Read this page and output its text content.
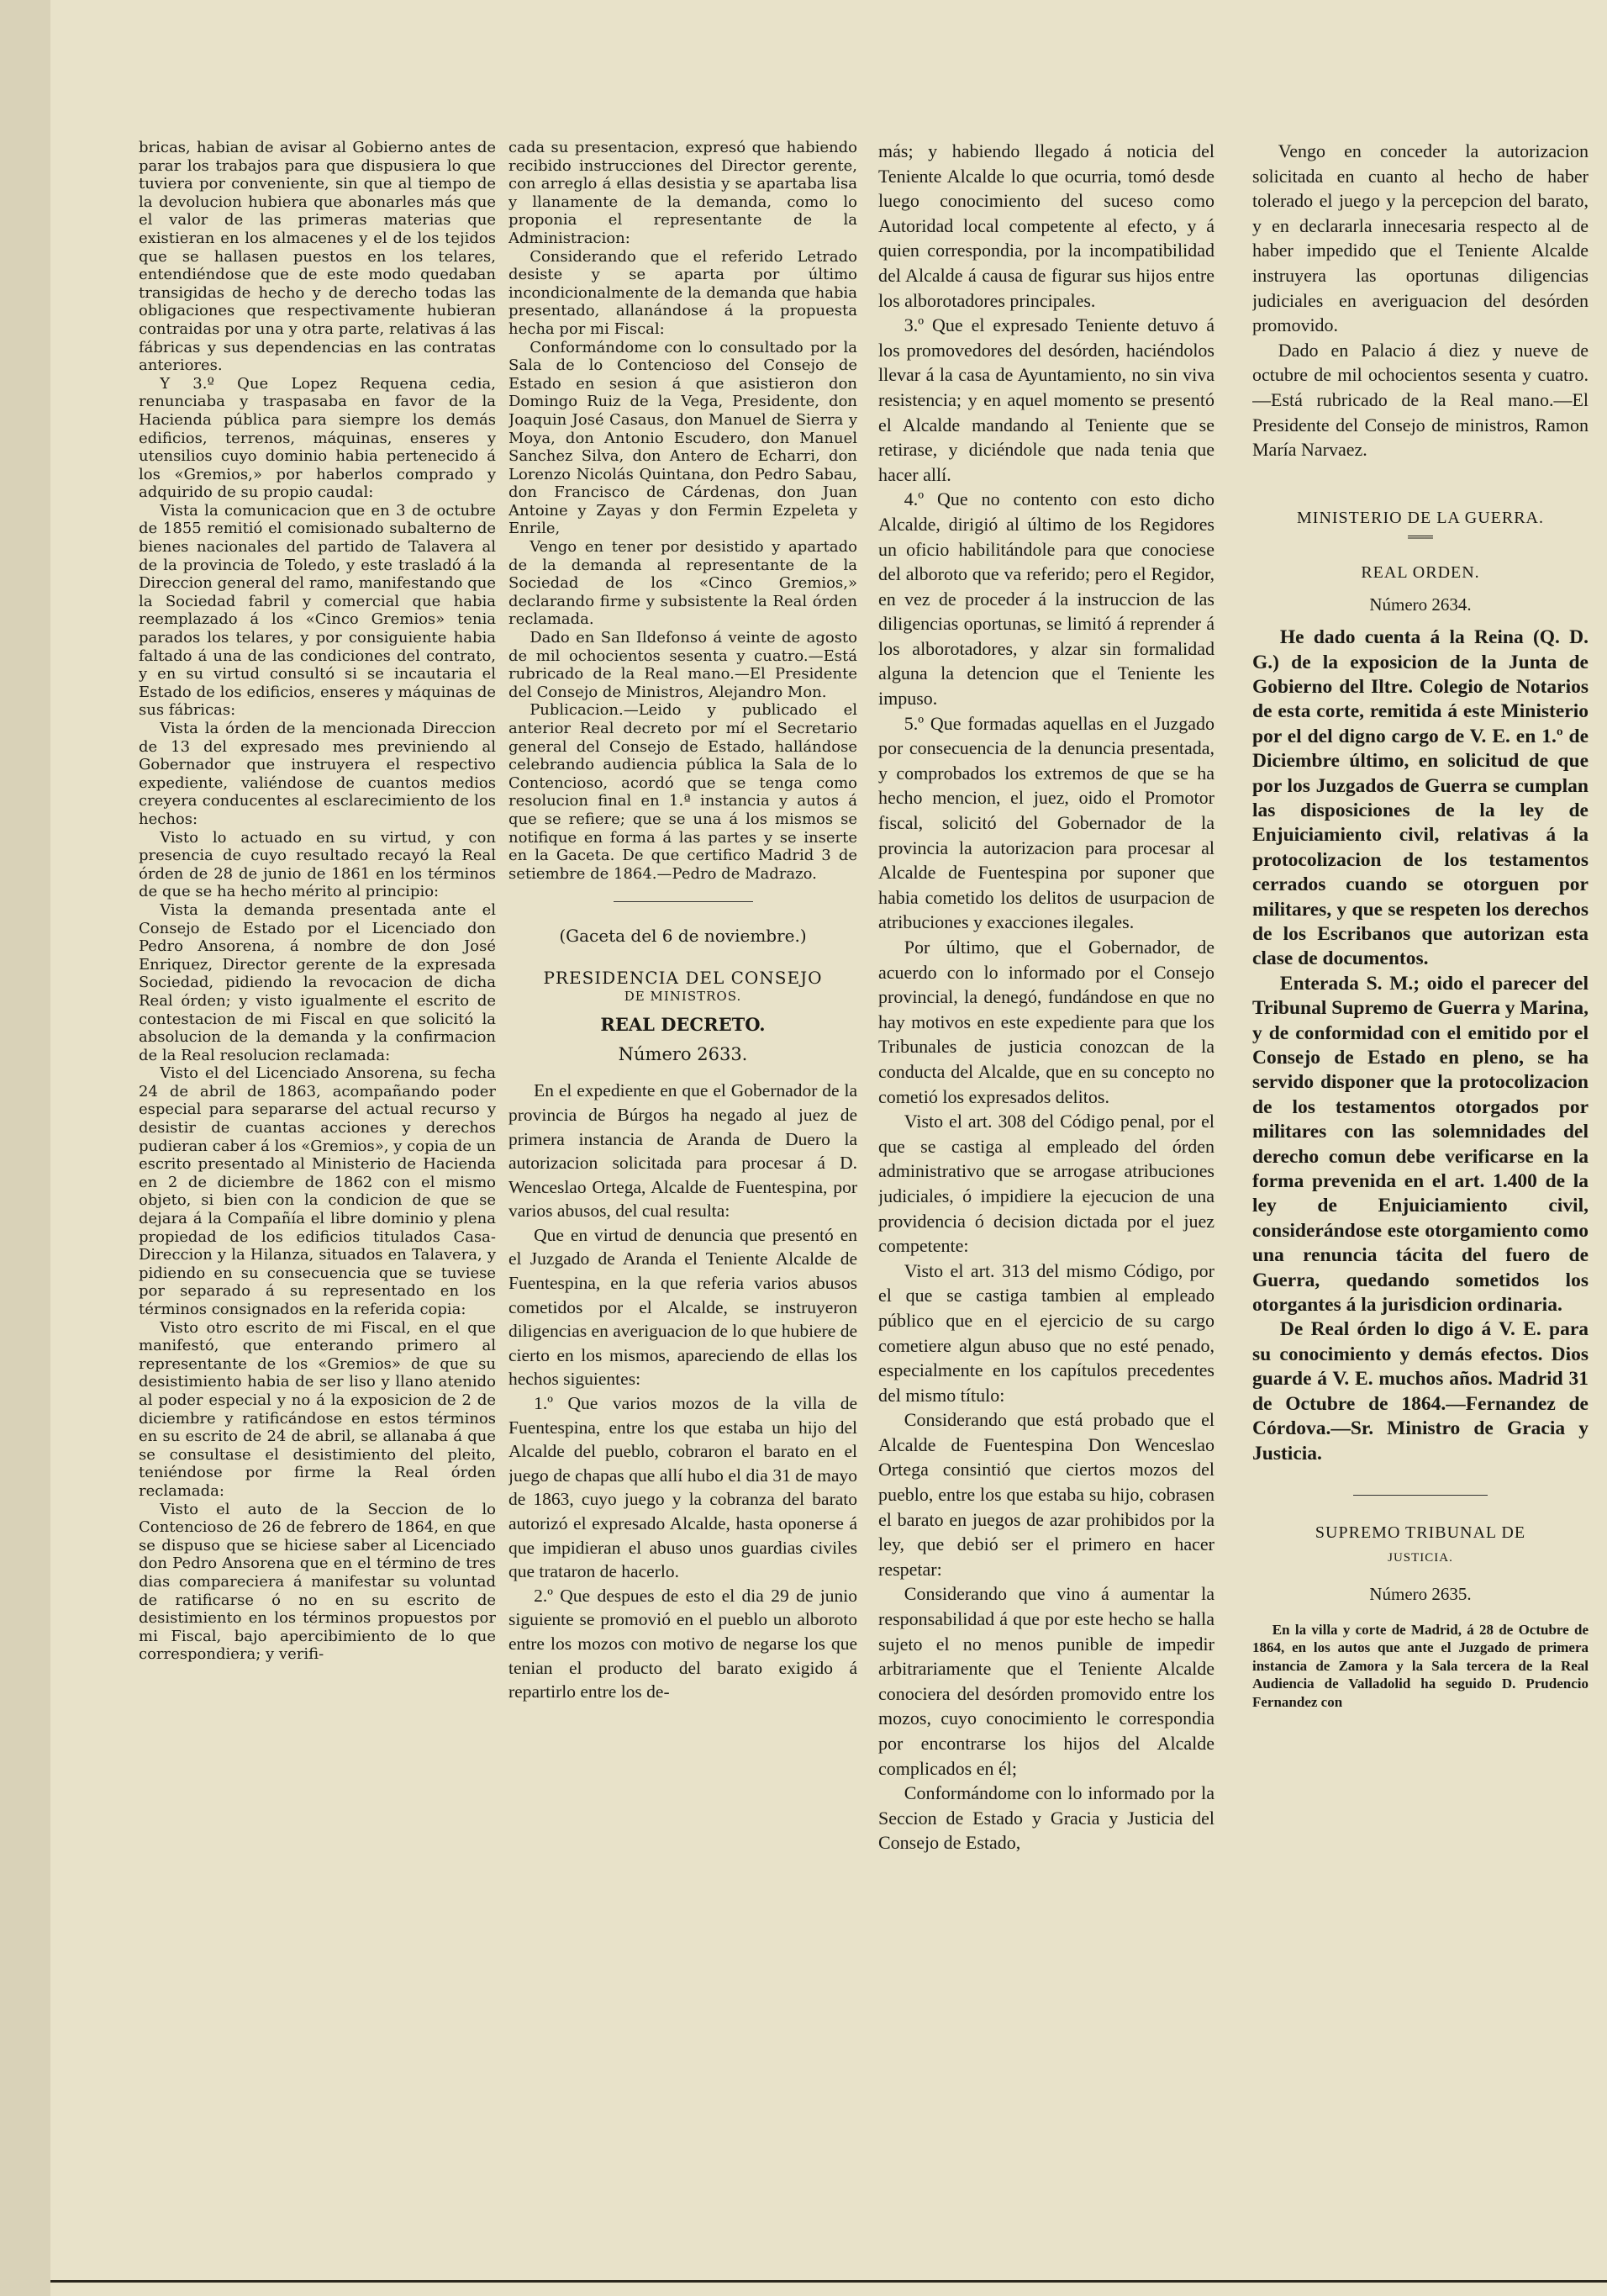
bricas, habian de avisar al Gobierno antes de parar los trabajos para que dispusiera lo que tuviera por conveniente, sin que al tiempo de la devolucion hubiera que abonarles más que el valor de las primeras materias que existieran en los almacenes y el de los tejidos que se hallasen puestos en los telares, entendiéndose que de este modo quedaban transigidas de hecho y de derecho todas las obligaciones que respectivamente hubieran contraidas por una y otra parte, relativas á las fábricas y sus dependencias en las contratas anteriores.

Y 3.º Que Lopez Requena cedia, renunciaba y traspasaba en favor de la Hacienda pública para siempre los demás edificios, terrenos, máquinas, enseres y utensilios cuyo dominio habia pertenecido á los «Gremios,» por haberlos comprado y adquirido de su propio caudal:

Vista la comunicacion que en 3 de octubre de 1855 remitió el comisionado subalterno de bienes nacionales del partido de Talavera al de la provincia de Toledo, y este trasladó á la Direccion general del ramo, manifestando que la Sociedad fabril y comercial que habia reemplazado á los «Cinco Gremios» tenia parados los telares, y por consiguiente habia faltado á una de las condiciones del contrato, y en su virtud consultó si se incautaria el Estado de los edificios, enseres y máquinas de sus fábricas:

Vista la órden de la mencionada Direccion de 13 del expresado mes previniendo al Gobernador que instruyera el respectivo expediente, valiéndose de cuantos medios creyera conducentes al esclarecimiento de los hechos:

Visto lo actuado en su virtud, y con presencia de cuyo resultado recayó la Real órden de 28 de junio de 1861 en los términos de que se ha hecho mérito al principio:

Vista la demanda presentada ante el Consejo de Estado por el Licenciado don Pedro Ansorena, á nombre de don José Enriquez, Director gerente de la expresada Sociedad, pidiendo la revocacion de dicha Real órden; y visto igualmente el escrito de contestacion de mi Fiscal en que solicitó la absolucion de la demanda y la confirmacion de la Real resolucion reclamada:

Visto el del Licenciado Ansorena, su fecha 24 de abril de 1863, acompañando poder especial para separarse del actual recurso y desistir de cuantas acciones y derechos pudieran caber á los «Gremios», y copia de un escrito presentado al Ministerio de Hacienda en 2 de diciembre de 1862 con el mismo objeto, si bien con la condicion de que se dejara á la Compañía el libre dominio y plena propiedad de los edificios titulados Casa-Direccion y la Hilanza, situados en Talavera, y pidiendo en su consecuencia que se tuviese por separado á su representado en los términos consignados en la referida copia:

Visto otro escrito de mi Fiscal, en el que manifestó, que enterando primero al representante de los «Gremios» de que su desistimiento habia de ser liso y llano atenido al poder especial y no á la exposicion de 2 de diciembre y ratificándose en estos términos en su escrito de 24 de abril, se allanaba á que se consultase el desistimiento del pleito, teniéndose por firme la Real órden reclamada:

Visto el auto de la Seccion de lo Contencioso de 26 de febrero de 1864, en que se dispuso que se hiciese saber al Licenciado don Pedro Ansorena que en el término de tres dias compareciera á manifestar su voluntad de ratificarse ó no en su escrito de desistimiento en los términos propuestos por mi Fiscal, bajo apercibimiento de lo que correspondiera; y verifi-

cada su presentacion, expresó que habiendo recibido instrucciones del Director gerente, con arreglo á ellas desistia y se apartaba lisa y llanamente de la demanda, como lo proponia el representante de la Administracion:

Considerando que el referido Letrado desiste y se aparta por último incondicionalmente de la demanda que habia presentado, allanándose á la propuesta hecha por mi Fiscal:

Conformándome con lo consultado por la Sala de lo Contencioso del Consejo de Estado en sesion á que asistieron don Domingo Ruiz de la Vega, Presidente, don Joaquin José Casaus, don Manuel de Sierra y Moya, don Antonio Escudero, don Manuel Sanchez Silva, don Antero de Echarri, don Lorenzo Nicolás Quintana, don Pedro Sabau, don Francisco de Cárdenas, don Juan Antoine y Zayas y don Fermin Ezpeleta y Enrile,

Vengo en tener por desistido y apartado de la demanda al representante de la Sociedad de los «Cinco Gremios,» declarando firme y subsistente la Real órden reclamada.

Dado en San Ildefonso á veinte de agosto de mil ochocientos sesenta y cuatro.—Está rubricado de la Real mano.—El Presidente del Consejo de Ministros, Alejandro Mon.

Publicacion.—Leido y publicado el anterior Real decreto por mí el Secretario general del Consejo de Estado, hallándose celebrando audiencia pública la Sala de lo Contencioso, acordó que se tenga como resolucion final en 1.ª instancia y autos á que se refiere; que se una á los mismos se notifique en forma á las partes y se inserte en la Gaceta. De que certifico Madrid 3 de setiembre de 1864.—Pedro de Madrazo.

(Gaceta del 6 de noviembre.)

PRESIDENCIA DEL CONSEJO

DE MINISTROS.

REAL DECRETO.

Número 2633.

En el expediente en que el Gobernador de la provincia de Búrgos ha negado al juez de primera instancia de Aranda de Duero la autorizacion solicitada para procesar á D. Wenceslao Ortega, Alcalde de Fuentespina, por varios abusos, del cual resulta:

Que en virtud de denuncia que presentó en el Juzgado de Aranda el Teniente Alcalde de Fuentespina, en la que referia varios abusos cometidos por el Alcalde, se instruyeron diligencias en averiguacion de lo que hubiere de cierto en los mismos, apareciendo de ellas los hechos siguientes:

1.º Que varios mozos de la villa de Fuentespina, entre los que estaba un hijo del Alcalde del pueblo, cobraron el barato en el juego de chapas que allí hubo el dia 31 de mayo de 1863, cuyo juego y la cobranza del barato autorizó el expresado Alcalde, hasta oponerse á que impidieran el abuso unos guardias civiles que trataron de hacerlo.

2.º Que despues de esto el dia 29 de junio siguiente se promovió en el pueblo un alboroto entre los mozos con motivo de negarse los que tenian el producto del barato exigido á repartirlo entre los de-

más; y habiendo llegado á noticia del Teniente Alcalde lo que ocurria, tomó desde luego conocimiento del suceso como Autoridad local competente al efecto, y á quien correspondia, por la incompatibilidad del Alcalde á causa de figurar sus hijos entre los alborotadores principales.

3.º Que el expresado Teniente detuvo á los promovedores del desórden, haciéndolos llevar á la casa de Ayuntamiento, no sin viva resistencia; y en aquel momento se presentó el Alcalde mandando al Teniente que se retirase, y diciéndole que nada tenia que hacer allí.

4.º Que no contento con esto dicho Alcalde, dirigió al último de los Regidores un oficio habilitándole para que conociese del alboroto que va referido; pero el Regidor, en vez de proceder á la instruccion de las diligencias oportunas, se limitó á reprender á los alborotadores, y alzar sin formalidad alguna la detencion que el Teniente les impuso.

5.º Que formadas aquellas en el Juzgado por consecuencia de la denuncia presentada, y comprobados los extremos de que se ha hecho mencion, el juez, oido el Promotor fiscal, solicitó del Gobernador de la provincia la autorizacion para procesar al Alcalde de Fuentespina por suponer que habia cometido los delitos de usurpacion de atribuciones y exacciones ilegales.

Por último, que el Gobernador, de acuerdo con lo informado por el Consejo provincial, la denegó, fundándose en que no hay motivos en este expediente para que los Tribunales de justicia conozcan de la conducta del Alcalde, que en su concepto no cometió los expresados delitos.

Visto el art. 308 del Código penal, por el que se castiga al empleado del órden administrativo que se arrogase atribuciones judiciales, ó impidiere la ejecucion de una providencia ó decision dictada por el juez competente:

Visto el art. 313 del mismo Código, por el que se castiga tambien al empleado público que en el ejercicio de su cargo cometiere algun abuso que no esté penado, especialmente en los capítulos precedentes del mismo título:

Considerando que está probado que el Alcalde de Fuentespina Don Wenceslao Ortega consintió que ciertos mozos del pueblo, entre los que estaba su hijo, cobrasen el barato en juegos de azar prohibidos por la ley, que debió ser el primero en hacer respetar:

Considerando que vino á aumentar la responsabilidad á que por este hecho se halla sujeto el no menos punible de impedir arbitrariamente que el Teniente Alcalde conociera del desórden promovido entre los mozos, cuyo conocimiento le correspondia por encontrarse los hijos del Alcalde complicados en él;

Conformándome con lo informado por la Seccion de Estado y Gracia y Justicia del Consejo de Estado,

Vengo en conceder la autorizacion solicitada en cuanto al hecho de haber tolerado el juego y la percepcion del barato, y en declararla innecesaria respecto al de haber impedido que el Teniente Alcalde instruyera las oportunas diligencias judiciales en averiguacion del desórden promovido.

Dado en Palacio á diez y nueve de octubre de mil ochocientos sesenta y cuatro.—Está rubricado de la Real mano.—El Presidente del Consejo de ministros, Ramon María Narvaez.

MINISTERIO DE LA GUERRA.

═══

REAL ORDEN.

Número 2634.

He dado cuenta á la Reina (Q. D. G.) de la exposicion de la Junta de Gobierno del Iltre. Colegio de Notarios de esta corte, remitida á este Ministerio por el del digno cargo de V. E. en 1.º de Diciembre último, en solicitud de que por los Juzgados de Guerra se cumplan las disposiciones de la ley de Enjuiciamiento civil, relativas á la protocolizacion de los testamentos cerrados cuando se otorguen por militares, y que se respeten los derechos de los Escribanos que autorizan esta clase de documentos.

Enterada S. M.; oido el parecer del Tribunal Supremo de Guerra y Marina, y de conformidad con el emitido por el Consejo de Estado en pleno, se ha servido disponer que la protocolizacion de los testamentos otorgados por militares con las solemnidades del derecho comun debe verificarse en la forma prevenida en el art. 1.400 de la ley de Enjuiciamiento civil, considerándose este otorgamiento como una renuncia tácita del fuero de Guerra, quedando sometidos los otorgantes á la jurisdicion ordinaria.

De Real órden lo digo á V. E. para su conocimiento y demás efectos. Dios guarde á V. E. muchos años. Madrid 31 de Octubre de 1864.—Fernandez de Córdova.—Sr. Ministro de Gracia y Justicia.

SUPREMO TRIBUNAL DE

JUSTICIA.

Número 2635.

En la villa y corte de Madrid, á 28 de Octubre de 1864, en los autos que ante el Juzgado de primera instancia de Zamora y la Sala tercera de la Real Audiencia de Valladolid ha seguido D. Prudencio Fernandez con
